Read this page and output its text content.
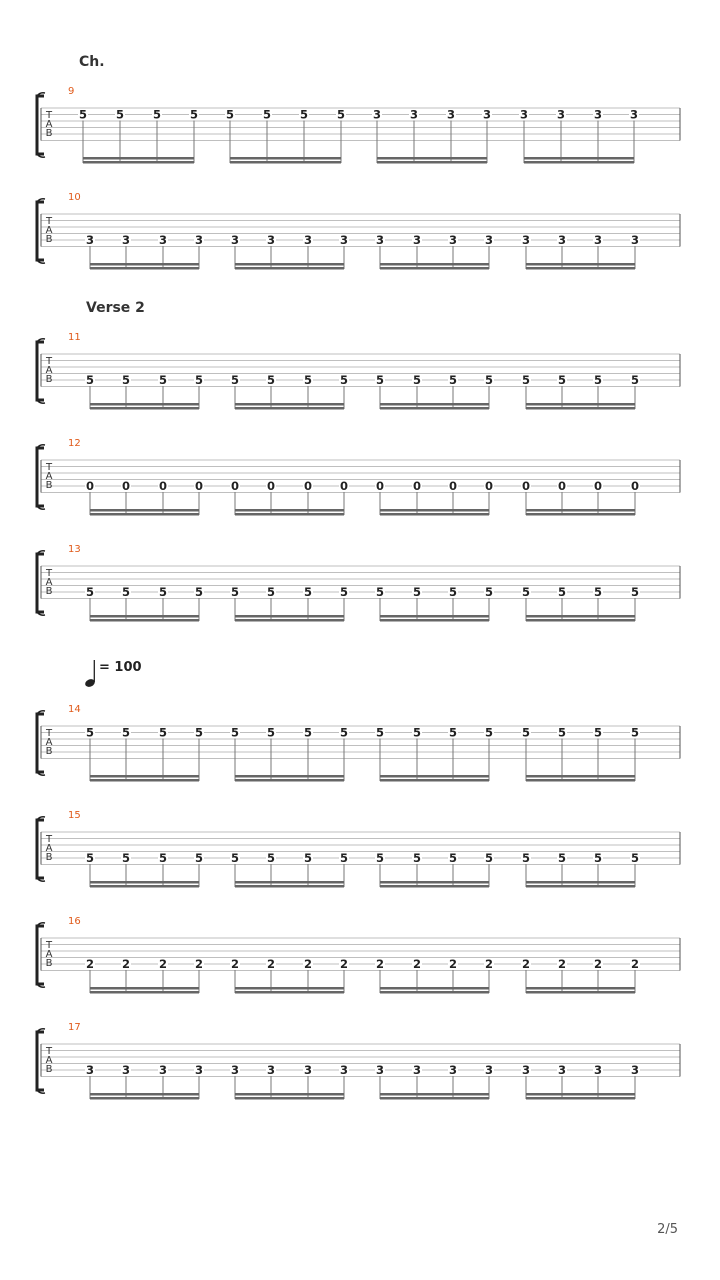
Ch.
Verse 2
= 100
9
T
A
B
5	5	5	5 5	5	5	5 3	3	3 3	3	3	3 3
10
T
A
B	3 3	3 3 3 3	3 3 3	3 3 3	3 3 3	3
11
T
A
B	5 5	5 5 5 5	5 5 5	5 5 5	5 5 5	5
12
T
A
B	0 0	0 0 0 0	0 0 0	0 0 0	0 0 0	0
13
T
A
B	5 5	5 5 5 5	5 5 5	5 5 5	5 5 5	5
14
T
A
B
5 5	5 5 5 5	5 5 5	5 5 5	5 5 5	5
15
T
A
B	5 5	5 5 5 5	5 5 5	5 5 5	5 5 5	5
16
T
A
B	2 2	2 2 2 2	2 2 2	2 2 2	2 2 2	2
17
T
A
B	3 3	3 3 3 3	3 3 3	3 3 3	3 3 3	3
2/5
